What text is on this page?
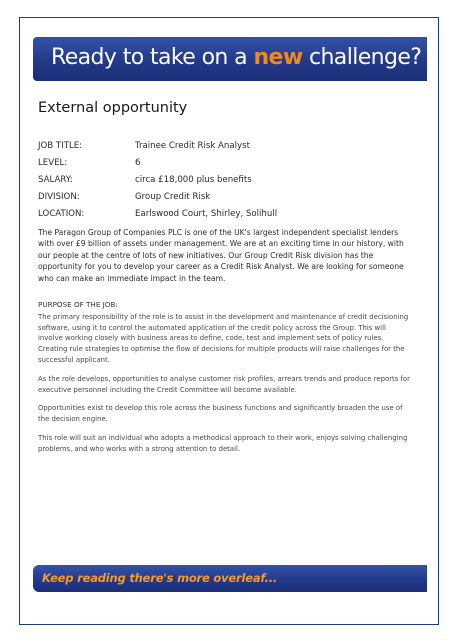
Ready to take on a new challenge?
External opportunity
JOB TITLE:	Trainee Credit Risk Analyst
LEVEL:	6
SALARY:	circa £18,000 plus benefits
DIVISION:	Group Credit Risk
LOCATION:	Earlswood Court, Shirley, Solihull
The Paragon Group of Companies PLC is one of the UK's largest independent specialist lenders with over £9 billion of assets under management. We are at an exciting time in our history, with our people at the centre of lots of new initiatives. Our Group Credit Risk division has the opportunity for you to develop your career as a Credit Risk Analyst. We are looking for someone who can make an immediate impact in the team.
PURPOSE OF THE JOB:

The primary responsibility of the role is to assist in the development and maintenance of credit decisioning software, using it to control the automated application of the credit policy across the Group. This will involve working closely with business areas to define, code, test and implement sets of policy rules. Creating rule strategies to optimise the flow of decisions for multiple products will raise challenges for the successful applicant.

As the role develops, opportunities to analyse customer risk profiles, arrears trends and produce reports for executive personnel including the Credit Committee will become available.

Opportunities exist to develop this role across the business functions and significantly broaden the use of the decision engine.

This role will suit an individual who adopts a methodical approach to their work, enjoys solving challenging problems, and who works with a strong attention to detail.

Keep reading there's more overleaf...
